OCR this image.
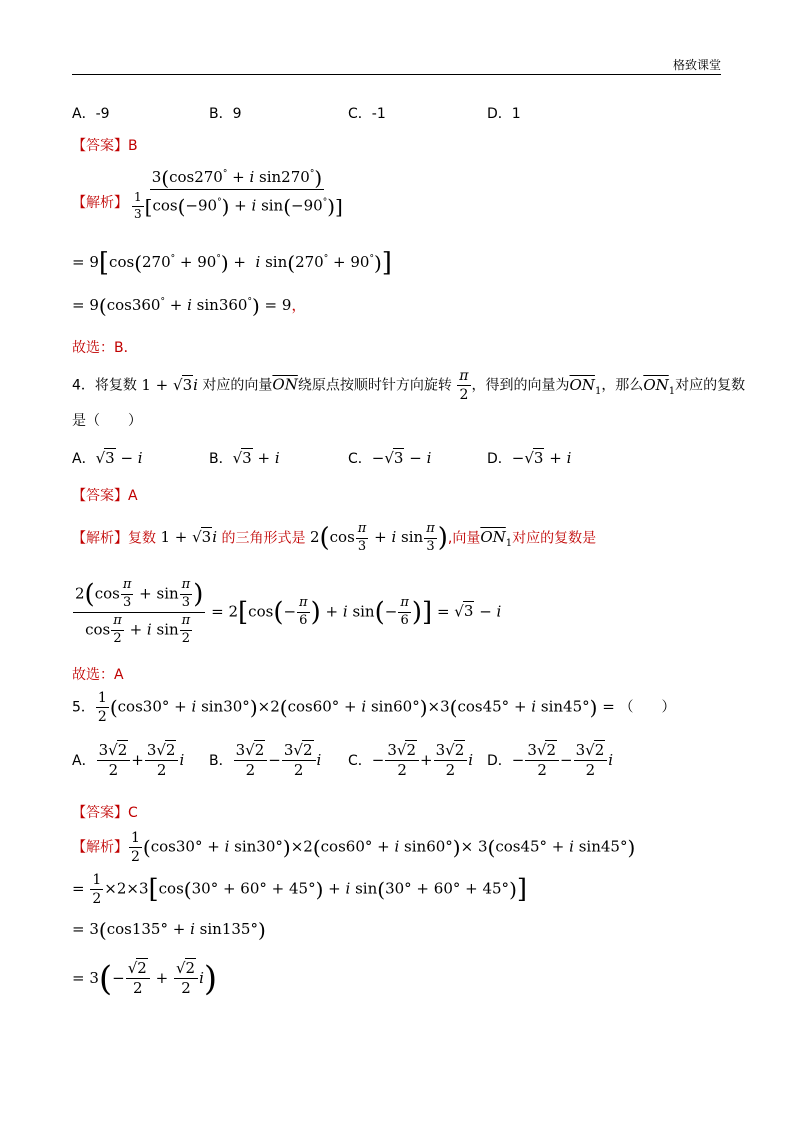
格致课堂
A．-9	B．9	C．-1	D．1
【答案】B
【解析】 $\frac{3(\cos 270^\circ + i \sin 270^\circ)}{\frac{1}{3} [\cos(-90^\circ) + i \sin(-90^\circ)]}$
= 9[cos(270° + 90°) +  i sin(270° + 90°)]
= 9(cos360° + i sin360°) = 9，
故选：B．
4．将复数 1 + √3i 对应的向量$\overline{ON}$绕原点按顺时针方向旋转 $\frac{\pi}{2}$ ，得到的向量为$\overline{ON}_1$，那么$\overline{ON}_1$对应的复数
是（　　）
A．√3 − i	B．√3 + i	C．−√3 − i	D．−√3 + i
【答案】A
【解析】复数 1 + √3i 的三角形式是 $2(\cos \frac{\pi}{3} + i$ $\sin \frac{\pi}{3}$ ),向量$\overline{ON}_1$对应的复数是
$\frac{2(\cos \frac{\pi}{3} + \sin \frac{\pi}{3} )}{\cos \frac{\pi}{2} + i \sin \frac{\pi}{2}} = 2[\cos(- \frac{\pi}{6}$ ) + i $\sin(- \frac{\pi}{6}$ )] = √3 − i
故选：A
5． $\frac{1}{2} (\cos 30^\circ + i$ sin30°)×2(cos60° + i sin60°)×3(cos45° + i sin45°) = （　　）
A． $\frac{3√2}{2} + \frac{3√2}{2}$ i B． $\frac{3√2}{2} - \frac{3√2}{2}$ i C．− $\frac{3√2}{2} + \frac{3√2}{2}$ i D．− $\frac{3√2}{2} - \frac{3√2}{2}$ i
【答案】C
【解析】 $\frac{1}{2} (\cos 30^\circ + i$ sin30°)×2(cos60° + i sin60°)× 3(cos45° + i sin45°)
= $\frac{1}{2} \times 2\times 3[\cos(30^\circ + 60^\circ + 45^\circ) + i$ sin(30° + 60° + 45°)]
= 3(cos135° + i sin135°)
= $3(- \frac{√2}{2} + \frac{√2}{2} i)$
